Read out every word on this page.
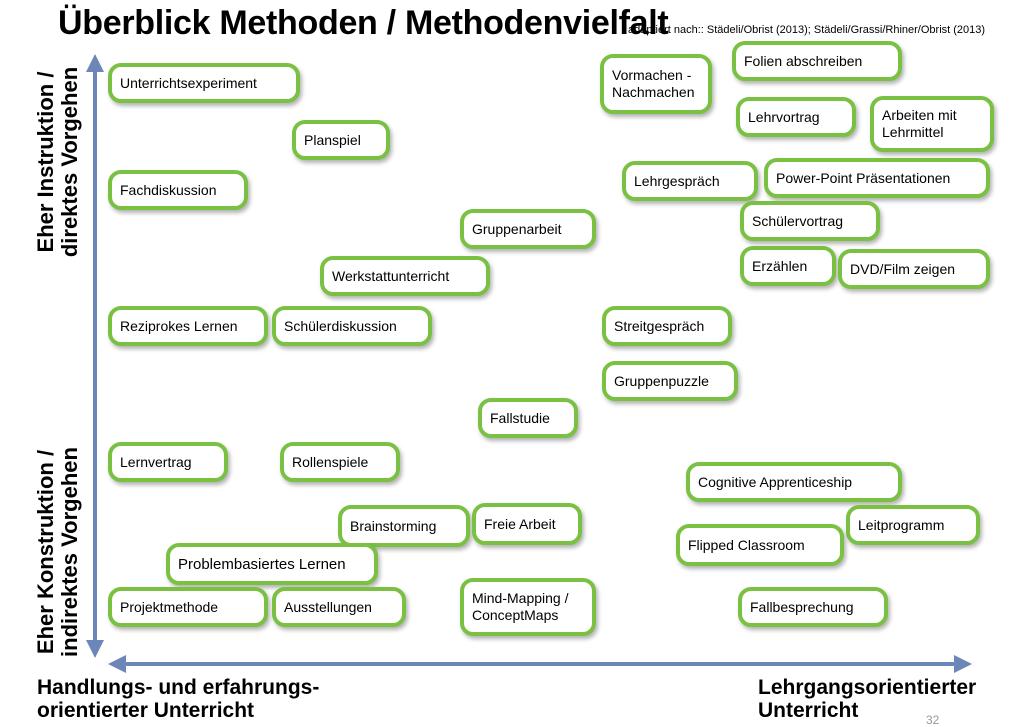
Überblick Methoden / Methodenvielfalt
adaptiert nach:: Städeli/Obrist (2013); Städeli/Grassi/Rhiner/Obrist (2013)
Eher Instruktion /
direktes Vorgehen
Eher Konstruktion /
indirektes Vorgehen
Handlungs- und erfahrungs-
orientierter Unterricht
Lehrgangsorientierter
Unterricht
Unterrichtsexperiment
Planspiel
Fachdiskussion
Gruppenarbeit
Werkstattunterricht
Reziprokes Lernen	Schülerdiskussion	Streitgespräch
Gruppenpuzzle
Fallstudie
Lernvertrag	Rollenspiele
Brainstorming	Freie Arbeit
Problembasiertes Lernen
Projektmethode	Ausstellungen
Mind-Mapping /
ConceptMaps
Vormachen -
Nachmachen
Folien abschreiben
Lehrvortrag	Arbeiten mit
Lehrmittel
Lehrgespräch	Power-Point Präsentationen
Schülervortrag
Erzählen	DVD/Film zeigen
Cognitive Apprenticeship
Leitprogramm
Flipped Classroom
Fallbesprechung
32
